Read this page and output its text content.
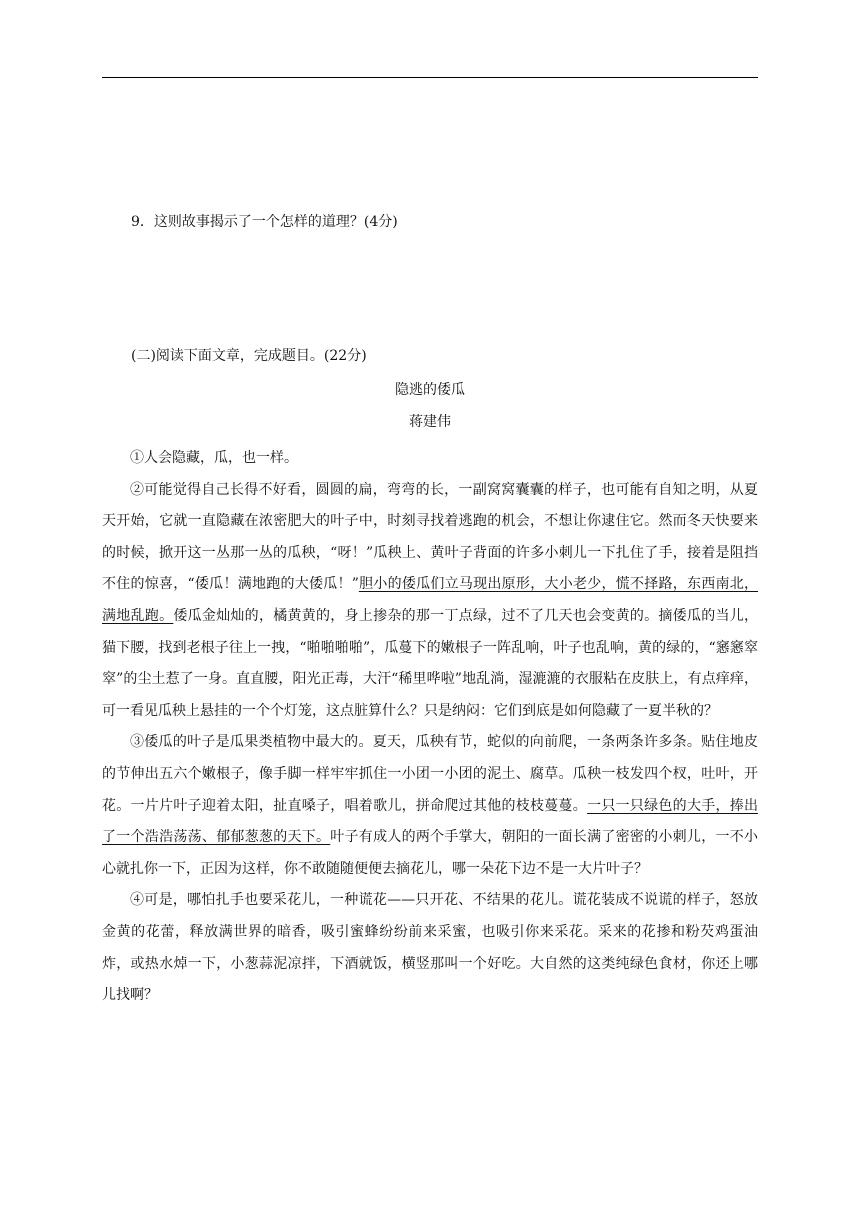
9．这则故事揭示了一个怎样的道理？(4分)
(二)阅读下面文章，完成题目。(22分)
隐逃的倭瓜
蒋建伟

①人会隐藏，瓜，也一样。

②可能觉得自己长得不好看，圆圆的扁，弯弯的长，一副窝窝囊囊的样子，也可能有自知之明，从夏天开始，它就一直隐藏在浓密肥大的叶子中，时刻寻找着逃跑的机会，不想让你逮住它。然而冬天快要来的时候，掀开这一丛那一丛的瓜秧，“呀！”瓜秧上、黄叶子背面的许多小刺儿一下扎住了手，接着是阻挡不住的惊喜，“倭瓜！满地跑的大倭瓜！”胆小的倭瓜们立马现出原形，大小老少，慌不择路，东西南北，满地乱跑。倭瓜金灿灿的，橘黄黄的，身上掺杂的那一丁点绿，过不了几天也会变黄的。摘倭瓜的当儿，猫下腰，找到老根子往上一拽，“啪啪啪啪”，瓜蔓下的嫩根子一阵乱响，叶子也乱响，黄的绿的，“窸窸窣窣”的尘土惹了一身。直直腰，阳光正毒，大汗“稀里哗啦”地乱淌，湿漉漉的衣服粘在皮肤上，有点痒痒，可一看见瓜秧上悬挂的一个个灯笼，这点脏算什么？只是纳闷：它们到底是如何隐藏了一夏半秋的？

③倭瓜的叶子是瓜果类植物中最大的。夏天，瓜秧有节，蛇似的向前爬，一条两条许多条。贴住地皮的节伸出五六个嫩根子，像手脚一样牢牢抓住一小团一小团的泥土、腐草。瓜秧一枝发四个杈，吐叶，开花。一片片叶子迎着太阳，扯直嗓子，唱着歌儿，拼命爬过其他的枝枝蔓蔓。一只一只绿色的大手，捧出了一个浩浩荡荡、郁郁葱葱的天下。叶子有成人的两个手掌大，朝阳的一面长满了密密的小刺儿，一不小心就扎你一下，正因为这样，你不敢随随便便去摘花儿，哪一朵花下边不是一大片叶子？

④可是，哪怕扎手也要采花儿，一种谎花——只开花、不结果的花儿。谎花装成不说谎的样子，怒放金黄的花蕾，释放满世界的暗香，吸引蜜蜂纷纷前来采蜜，也吸引你来采花。采来的花掺和粉芡鸡蛋油炸，或热水焯一下，小葱蒜泥凉拌，下酒就饭，横竖那叫一个好吃。大自然的这类纯绿色食材，你还上哪儿找啊？
